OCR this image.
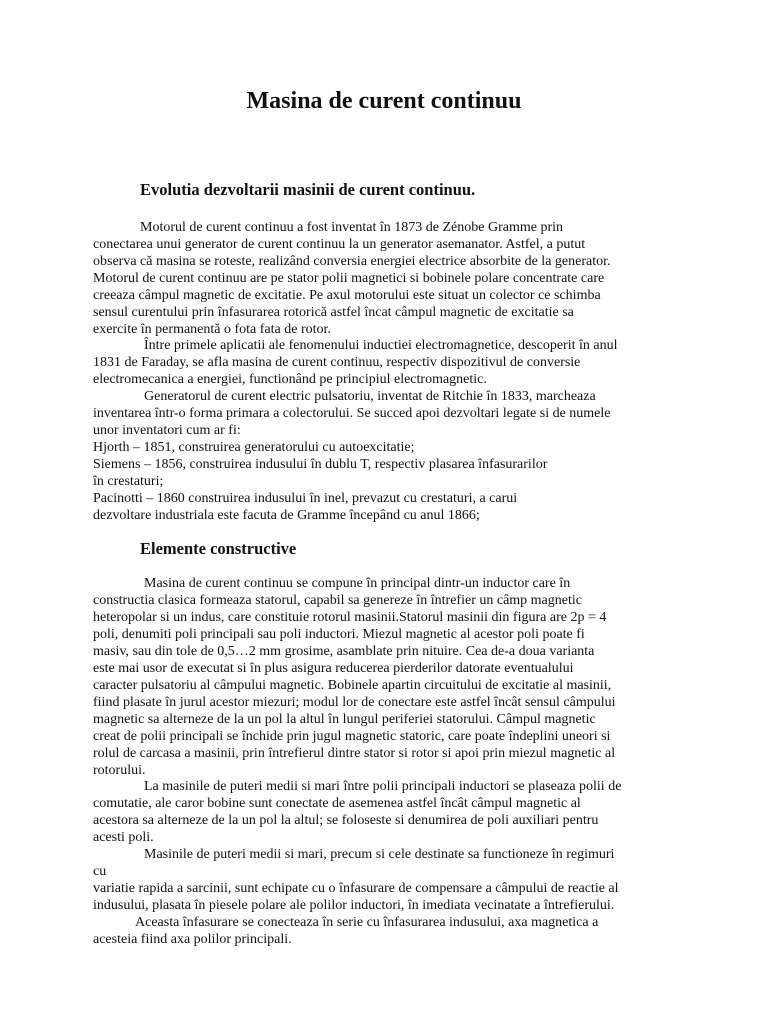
Masina de curent continuu
Evolutia dezvoltarii masinii de curent continuu.

Motorul de curent continuu a fost inventat în 1873 de Zénobe Gramme prin

conectarea unui generator de curent continuu la un generator asemanator. Astfel, a putut

observa că masina se roteste, realizând conversia energiei electrice absorbite de la generator.

Motorul de curent continuu are pe stator polii magnetici si bobinele polare concentrate care

creeaza câmpul magnetic de excitatie. Pe axul motorului este situat un colector ce schimba

sensul curentului prin înfasurarea rotorică astfel încat câmpul magnetic de excitatie sa

exercite în permanentă o fota fata de rotor.

Între primele aplicatii ale fenomenului inductiei electromagnetice, descoperit în anul

1831 de Faraday, se afla masina de curent continuu, respectiv dispozitivul de conversie

electromecanica a energiei, functionând pe principiul electromagnetic.

Generatorul de curent electric pulsatoriu, inventat de Ritchie în 1833, marcheaza

inventarea într-o forma primara a colectorului. Se succed apoi dezvoltari legate si de numele

unor inventatori cum ar fi:

Hjorth – 1851, construirea generatorului cu autoexcitatie;

Siemens – 1856, construirea indusului în dublu T, respectiv plasarea înfasurarilor

în crestaturi;

Pacinotti – 1860 construirea indusului în inel, prevazut cu crestaturi, a carui

dezvoltare industriala este facuta de Gramme începând cu anul 1866;

Elemente constructive

Masina de curent continuu se compune în principal dintr-un inductor care în

constructia clasica formeaza statorul, capabil sa genereze în întrefier un câmp magnetic

heteropolar si un indus, care constituie rotorul masinii.Statorul masinii din figura are 2p = 4

poli, denumiti poli principali sau poli inductori. Miezul magnetic al acestor poli poate fi

masiv, sau din tole de 0,5…2 mm grosime, asamblate prin nituire. Cea de-a doua varianta

este mai usor de executat si în plus asigura reducerea pierderilor datorate eventualului

caracter pulsatoriu al câmpului magnetic. Bobinele apartin circuitului de excitatie al masinii,

fiind plasate în jurul acestor miezuri; modul lor de conectare este astfel încât sensul câmpului

magnetic sa alterneze de la un pol la altul în lungul periferiei statorului. Câmpul magnetic

creat de polii principali se închide prin jugul magnetic statoric, care poate îndeplini uneori si

rolul de carcasa a masinii, prin întrefierul dintre stator si rotor si apoi prin miezul magnetic al

rotorului.

La masinile de puteri medii si mari între polii principali inductori se plaseaza polii de

comutatie, ale caror bobine sunt conectate de asemenea astfel încât câmpul magnetic al

acestora sa alterneze de la un pol la altul; se foloseste si denumirea de poli auxiliari pentru

acesti poli.

Masinile de puteri medii si mari, precum si cele destinate sa functioneze în regimuri

cu

variatie rapida a sarcinii, sunt echipate cu o înfasurare de compensare a câmpului de reactie al

indusului, plasata în piesele polare ale polilor inductori, în imediata vecinatate a întrefierului.

Aceasta înfasurare se conecteaza în serie cu înfasurarea indusului, axa magnetica a

acesteia fiind axa polilor principali.
